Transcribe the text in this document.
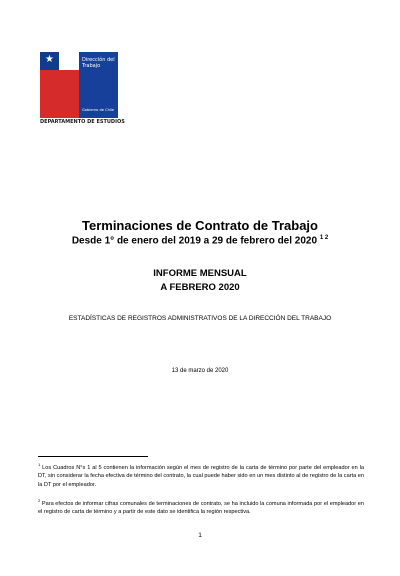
★	Dirección del
Trabajo
Gobierno de Chile
DEPARTAMENTO DE ESTUDIOS
Terminaciones de Contrato de Trabajo
Desde 1° de enero del 2019 a 29 de febrero del 2020 $^{1 2}$
INFORME MENSUAL
A FEBRERO 2020
ESTADÍSTICAS DE REGISTROS ADMINISTRATIVOS DE LA DIRECCIÓN DEL TRABAJO
13 de marzo de 2020
$^1$ Los Cuadros N°s 1 al 5 contienen la información según el mes de registro de la carta de término por parte del empleador en la DT, sin considerar la fecha efectiva de término del contrato, la cual puede haber sido en un mes distinto al de registro de la carta en la DT por el empleador.
$^2$ Para efectos de informar cifras comunales de terminaciones de contrato, se ha incluido la comuna informada por el empleador en el registro de carta de término y a partir de este dato se identifica la región respectiva.
1
